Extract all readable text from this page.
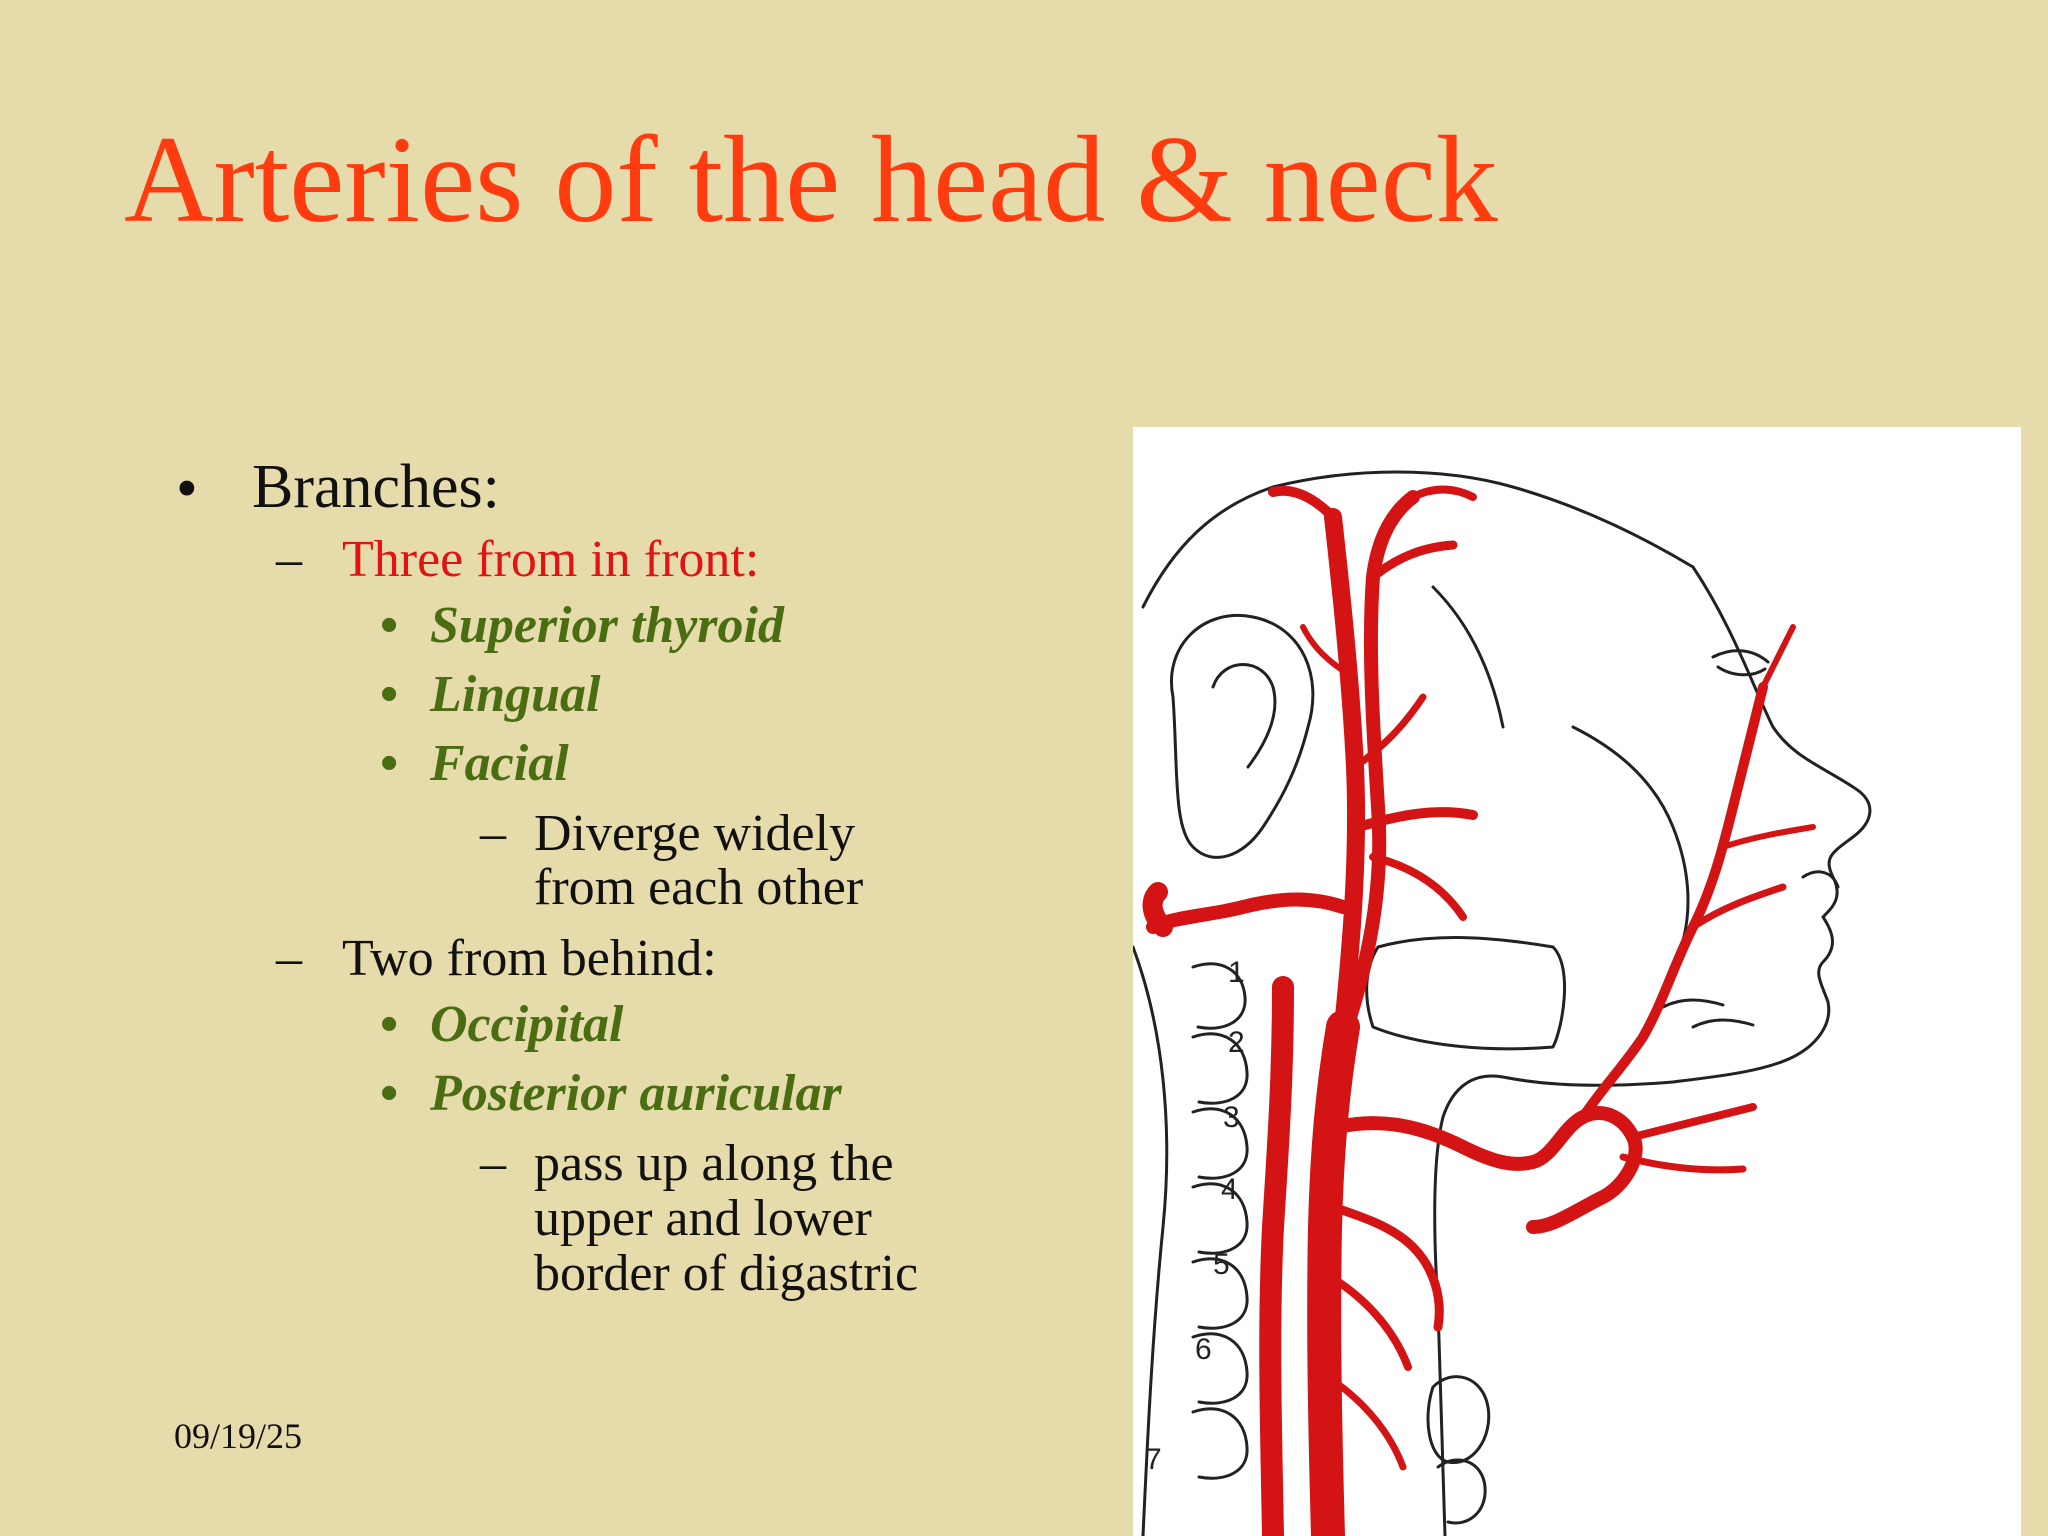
Arteries of the head & neck
• Branches:
– Three from in front:
• Superior thyroid
• Lingual
• Facial
– Diverge widely
from each other
– Two from behind:
• Occipital
• Posterior auricular
– pass up along the
upper and lower
border of digastric
09/19/25
1
2
3
4
5
6
7
